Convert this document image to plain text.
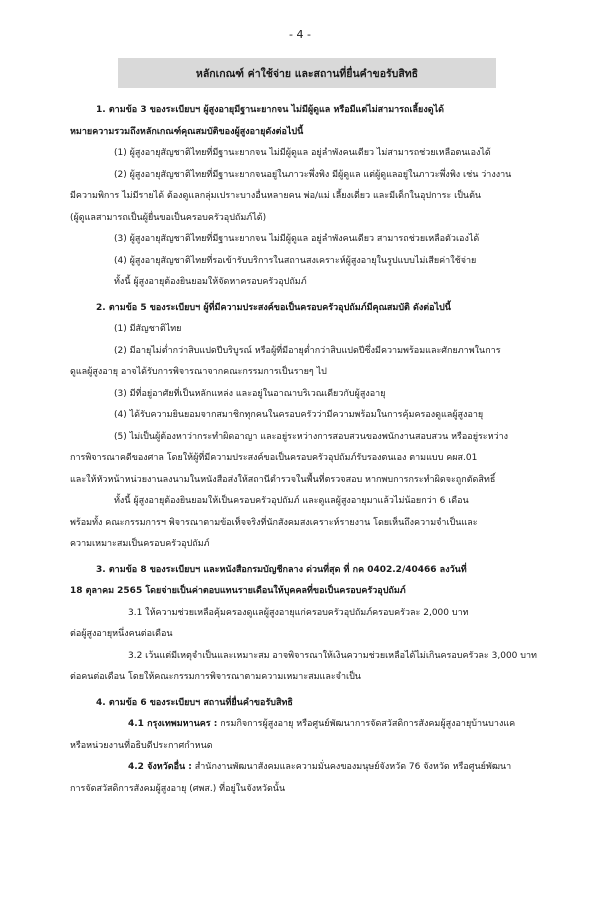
- 4 -
หลักเกณฑ์ ค่าใช้จ่าย และสถานที่ยื่นคำขอรับสิทธิ

1. ตามข้อ 3 ของระเบียบฯ ผู้สูงอายุมีฐานะยากจน ไม่มีผู้ดูแล หรือมีแต่ไม่สามารถเลี้ยงดูได้

หมายความรวมถึงหลักเกณฑ์คุณสมบัติของผู้สูงอายุดังต่อไปนี้

(1) ผู้สูงอายุสัญชาติไทยที่มีฐานะยากจน ไม่มีผู้ดูแล อยู่ลำพังคนเดียว ไม่สามารถช่วยเหลือตนเองได้

(2) ผู้สูงอายุสัญชาติไทยที่มีฐานะยากจนอยู่ในภาวะพึ่งพิง มีผู้ดูแล แต่ผู้ดูแลอยู่ในภาวะพึ่งพิง เช่น ว่างงาน

มีความพิการ ไม่มีรายได้ ต้องดูแลกลุ่มเปราะบางอื่นหลายคน พ่อ/แม่ เลี้ยงเดี่ยว และมีเด็กในอุปการะ เป็นต้น

(ผู้ดูแลสามารถเป็นผู้ยื่นขอเป็นครอบครัวอุปถัมภ์ได้)

(3) ผู้สูงอายุสัญชาติไทยที่มีฐานะยากจน ไม่มีผู้ดูแล อยู่ลำพังคนเดียว สามารถช่วยเหลือตัวเองได้

(4) ผู้สูงอายุสัญชาติไทยที่รอเข้ารับบริการในสถานสงเคราะห์ผู้สูงอายุในรูปแบบไม่เสียค่าใช้จ่าย

ทั้งนี้ ผู้สูงอายุต้องยินยอมให้จัดหาครอบครัวอุปถัมภ์

2. ตามข้อ 5 ของระเบียบฯ ผู้ที่มีความประสงค์ขอเป็นครอบครัวอุปถัมภ์มีคุณสมบัติ ดังต่อไปนี้

(1) มีสัญชาติไทย

(2) มีอายุไม่ต่ำกว่าสิบแปดปีบริบูรณ์ หรือผู้ที่มีอายุต่ำกว่าสิบแปดปีซึ่งมีความพร้อมและศักยภาพในการ

ดูแลผู้สูงอายุ อาจได้รับการพิจารณาจากคณะกรรมการเป็นรายๆ ไป

(3) มีที่อยู่อาศัยที่เป็นหลักแหล่ง และอยู่ในอาณาบริเวณเดียวกับผู้สูงอายุ

(4) ได้รับความยินยอมจากสมาชิกทุกคนในครอบครัวว่ามีความพร้อมในการคุ้มครองดูแลผู้สูงอายุ

(5) ไม่เป็นผู้ต้องหาว่ากระทำผิดอาญา และอยู่ระหว่างการสอบสวนของพนักงานสอบสวน หรืออยู่ระหว่าง

การพิจารณาคดีของศาล โดยให้ผู้ที่มีความประสงค์ขอเป็นครอบครัวอุปถัมภ์รับรองตนเอง ตามแบบ คผส.01

และให้หัวหน้าหน่วยงานลงนามในหนังสือส่งให้สถานีตำรวจในพื้นที่ตรวจสอบ หากพบการกระทำผิดจะถูกตัดสิทธิ์

ทั้งนี้ ผู้สูงอายุต้องยินยอมให้เป็นครอบครัวอุปถัมภ์ และดูแลผู้สูงอายุมาแล้วไม่น้อยกว่า 6 เดือน

พร้อมทั้ง คณะกรรมการฯ พิจารณาตามข้อเท็จจริงที่นักสังคมสงเคราะห์รายงาน โดยเห็นถึงความจำเป็นและ

ความเหมาะสมเป็นครอบครัวอุปถัมภ์

3. ตามข้อ 8 ของระเบียบฯ และหนังสือกรมบัญชีกลาง ด่วนที่สุด ที่ กค 0402.2/40466 ลงวันที่

18 ตุลาคม 2565 โดยจ่ายเป็นค่าตอบแทนรายเดือนให้บุคคลที่ขอเป็นครอบครัวอุปถัมภ์

3.1 ให้ความช่วยเหลือคุ้มครองดูแลผู้สูงอายุแก่ครอบครัวอุปถัมภ์ครอบครัวละ 2,000 บาท

ต่อผู้สูงอายุหนึ่งคนต่อเดือน

3.2 เว้นแต่มีเหตุจำเป็นและเหมาะสม อาจพิจารณาให้เงินความช่วยเหลือได้ไม่เกินครอบครัวละ 3,000 บาท

ต่อคนต่อเดือน โดยให้คณะกรรมการพิจารณาตามความเหมาะสมและจำเป็น

4. ตามข้อ 6 ของระเบียบฯ สถานที่ยื่นคำขอรับสิทธิ

4.1 กรุงเทพมหานคร : กรมกิจการผู้สูงอายุ หรือศูนย์พัฒนาการจัดสวัสดิการสังคมผู้สูงอายุบ้านบางแค

หรือหน่วยงานที่อธิบดีประกาศกำหนด

4.2 จังหวัดอื่น : สำนักงานพัฒนาสังคมและความมั่นคงของมนุษย์จังหวัด 76 จังหวัด หรือศูนย์พัฒนา

การจัดสวัสดิการสังคมผู้สูงอายุ (ศพส.) ที่อยู่ในจังหวัดนั้น
